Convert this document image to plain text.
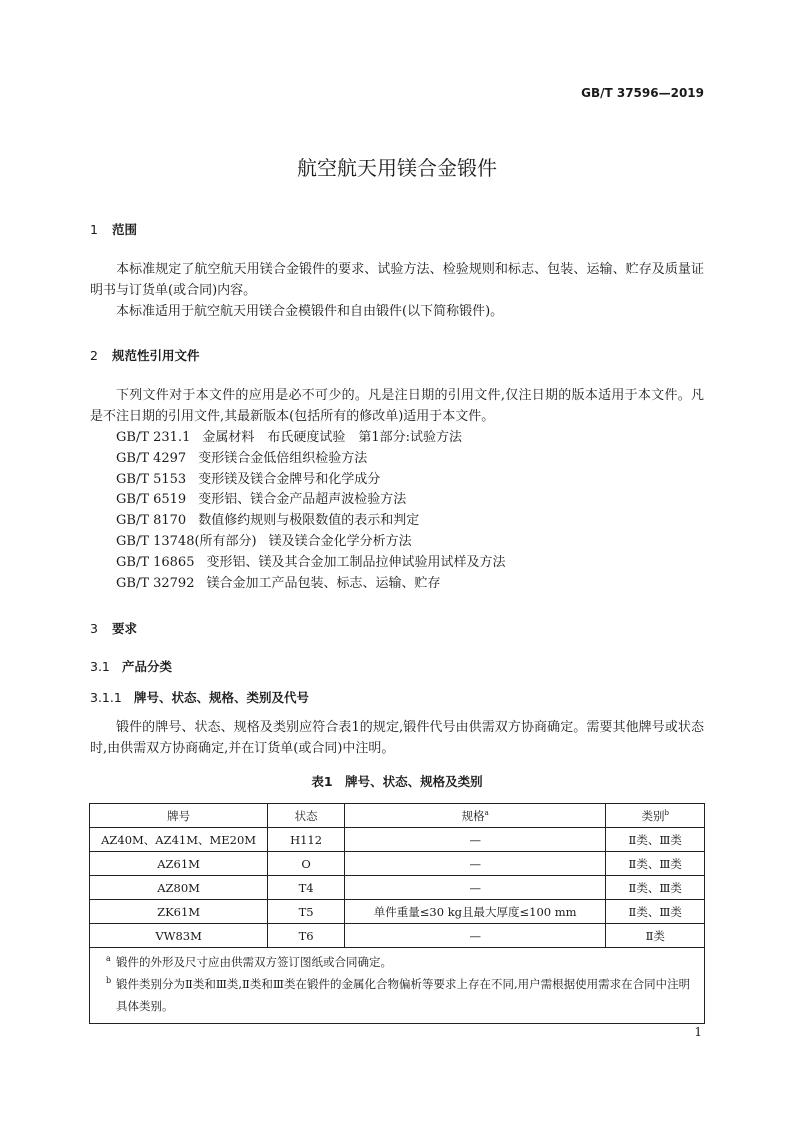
GB/T 37596—2019
航空航天用镁合金锻件
1 范围
本标准规定了航空航天用镁合金锻件的要求、试验方法、检验规则和标志、包装、运输、贮存及质量证明书与订货单(或合同)内容。
本标准适用于航空航天用镁合金模锻件和自由锻件(以下简称锻件)。
2 规范性引用文件
下列文件对于本文件的应用是必不可少的。凡是注日期的引用文件,仅注日期的版本适用于本文件。凡是不注日期的引用文件,其最新版本(包括所有的修改单)适用于本文件。
GB/T 231.1 金属材料　布氏硬度试验　第1部分:试验方法
GB/T 4297 变形镁合金低倍组织检验方法
GB/T 5153 变形镁及镁合金牌号和化学成分
GB/T 6519 变形铝、镁合金产品超声波检验方法
GB/T 8170 数值修约规则与极限数值的表示和判定
GB/T 13748(所有部分) 镁及镁合金化学分析方法
GB/T 16865 变形铝、镁及其合金加工制品拉伸试验用试样及方法
GB/T 32792 镁合金加工产品包装、标志、运输、贮存
3 要求
3.1 产品分类
3.1.1 牌号、状态、规格、类别及代号
锻件的牌号、状态、规格及类别应符合表1的规定,锻件代号由供需双方协商确定。需要其他牌号或状态时,由供需双方协商确定,并在订货单(或合同)中注明。
表1　牌号、状态、规格及类别
牌号	状态	规格$^a$	类别$^b$
AZ40M、AZ41M、ME20M	H112	—	Ⅱ类、Ⅲ类
AZ61M	O	—	Ⅱ类、Ⅲ类
AZ80M	T4	—	Ⅱ类、Ⅲ类
ZK61M	T5	单件重量≤30 kg且最大厚度≤100 mm	Ⅱ类、Ⅲ类
VW83M	T6	—	Ⅱ类

a 锻件的外形及尺寸应由供需双方签订图纸或合同确定。
b 锻件类别分为Ⅱ类和Ⅲ类,Ⅱ类和Ⅲ类在锻件的金属化合物偏析等要求上存在不同,用户需根据使用需求在合同中注明具体类别。			
1
